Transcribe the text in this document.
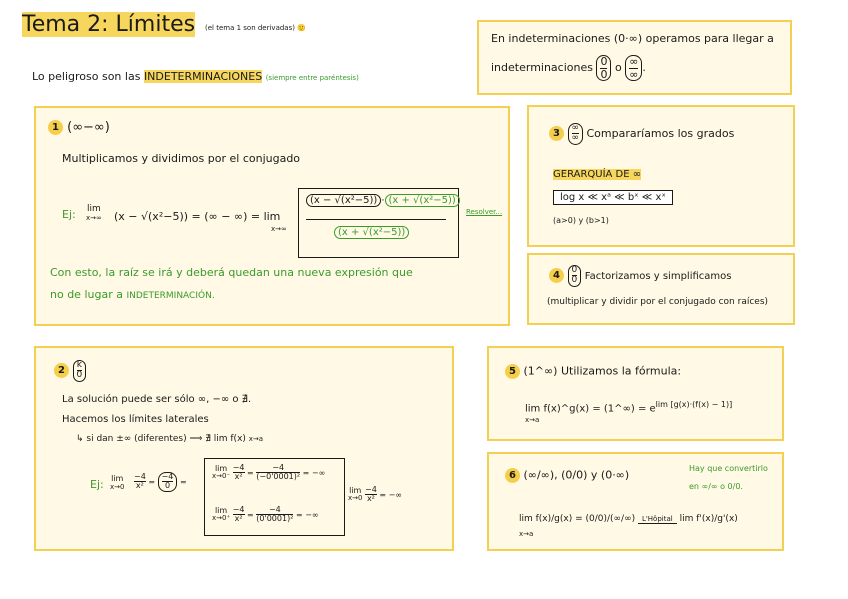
Tema 2: Límites (el tema 1 son derivadas) 🙂
Lo peligroso son las INDETERMINACIONES (siempre entre paréntesis)
En indeterminaciones (0·∞) operamos para llegar a
indeterminaciones $\frac{0}{0}$ o $\frac{\infty}{\infty}$ .
1 (∞−∞)
Multiplicamos y dividimos por el conjugado
Ej: lim
x→∞ (x − √(x²−5)) = (∞ − ∞) = lim
x→∞
(x − √(x²−5)) · (x + √(x²−5))
(x + √(x²−5))
Resolver...
Con esto, la raíz se irá y deberá quedan una nueva expresión que
no de lugar a INDETERMINACIÓN.
$3 \frac{\infty}{\infty}$ Compararíamos los grados
GERARQUÍA DE ∞
log x ≪ xᵃ ≪ bˣ ≪ xˣ
(a>0) y (b>1)
$4 \frac{0}{0}$ Factorizamos y simplificamos
(multiplicar y dividir por el conjugado con raíces)
$2 \frac{k}{0}$
La solución puede ser sólo ∞, −∞ o ∄.
Hacemos los límites laterales
↳ si dan ±∞ (diferentes) ⟹ ∄ lim f(x) x→a
Ej: lim
$x\to 0 \frac{-4}{\text{x²}} = \frac{-4}{0}$ =
lim
x→0⁻
$\frac{-4}{\text{x²}} = \frac{-4}{\text{(−0'0001)²}}$ = −∞
lim
x→0⁺
$\frac{-4}{\text{x²}} = \frac{-4}{\text{(0'0001)²}}$ = −∞
lim
x→0
$\frac{-4}{\text{x²}}$ = −∞
5 (1^∞) Utilizamos la fórmula:
lim f(x)^g(x) = (1^∞) = $e^{lim [g(x)\cdot(f(x) - 1)]}$
x→a
6 (∞/∞), (0/0) y (0·∞)	Hay que convertirlo
en ∞/∞ o 0/0.
lim f(x)/g(x) = (0/0)/(∞/∞) L'Hôpital lim f'(x)/g'(x)
x→a
